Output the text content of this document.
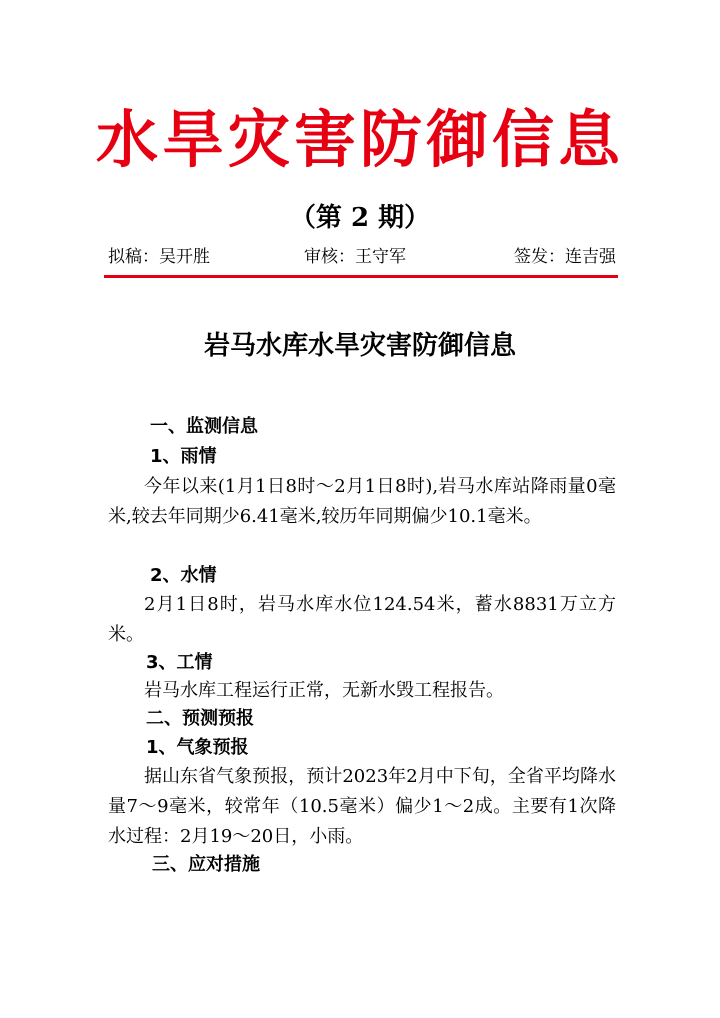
水旱灾害防御信息
（第 2 期）
拟稿：吴开胜	审核：王守军	签发：连吉强
岩马水库水旱灾害防御信息
一、监测信息
1、雨情

今年以来(1月1日8时～2月1日8时),岩马水库站降雨量0毫米,较去年同期少6.41毫米,较历年同期偏少10.1毫米。

2、水情

2月1日8时，岩马水库水位124.54米，蓄水8831万立方米。

3、工情

岩马水库工程运行正常，无新水毁工程报告。

二、预测预报
1、气象预报

据山东省气象预报，预计2023年2月中下旬，全省平均降水量7～9毫米，较常年（10.5毫米）偏少1～2成。主要有1次降水过程：2月19～20日，小雨。

三、应对措施
